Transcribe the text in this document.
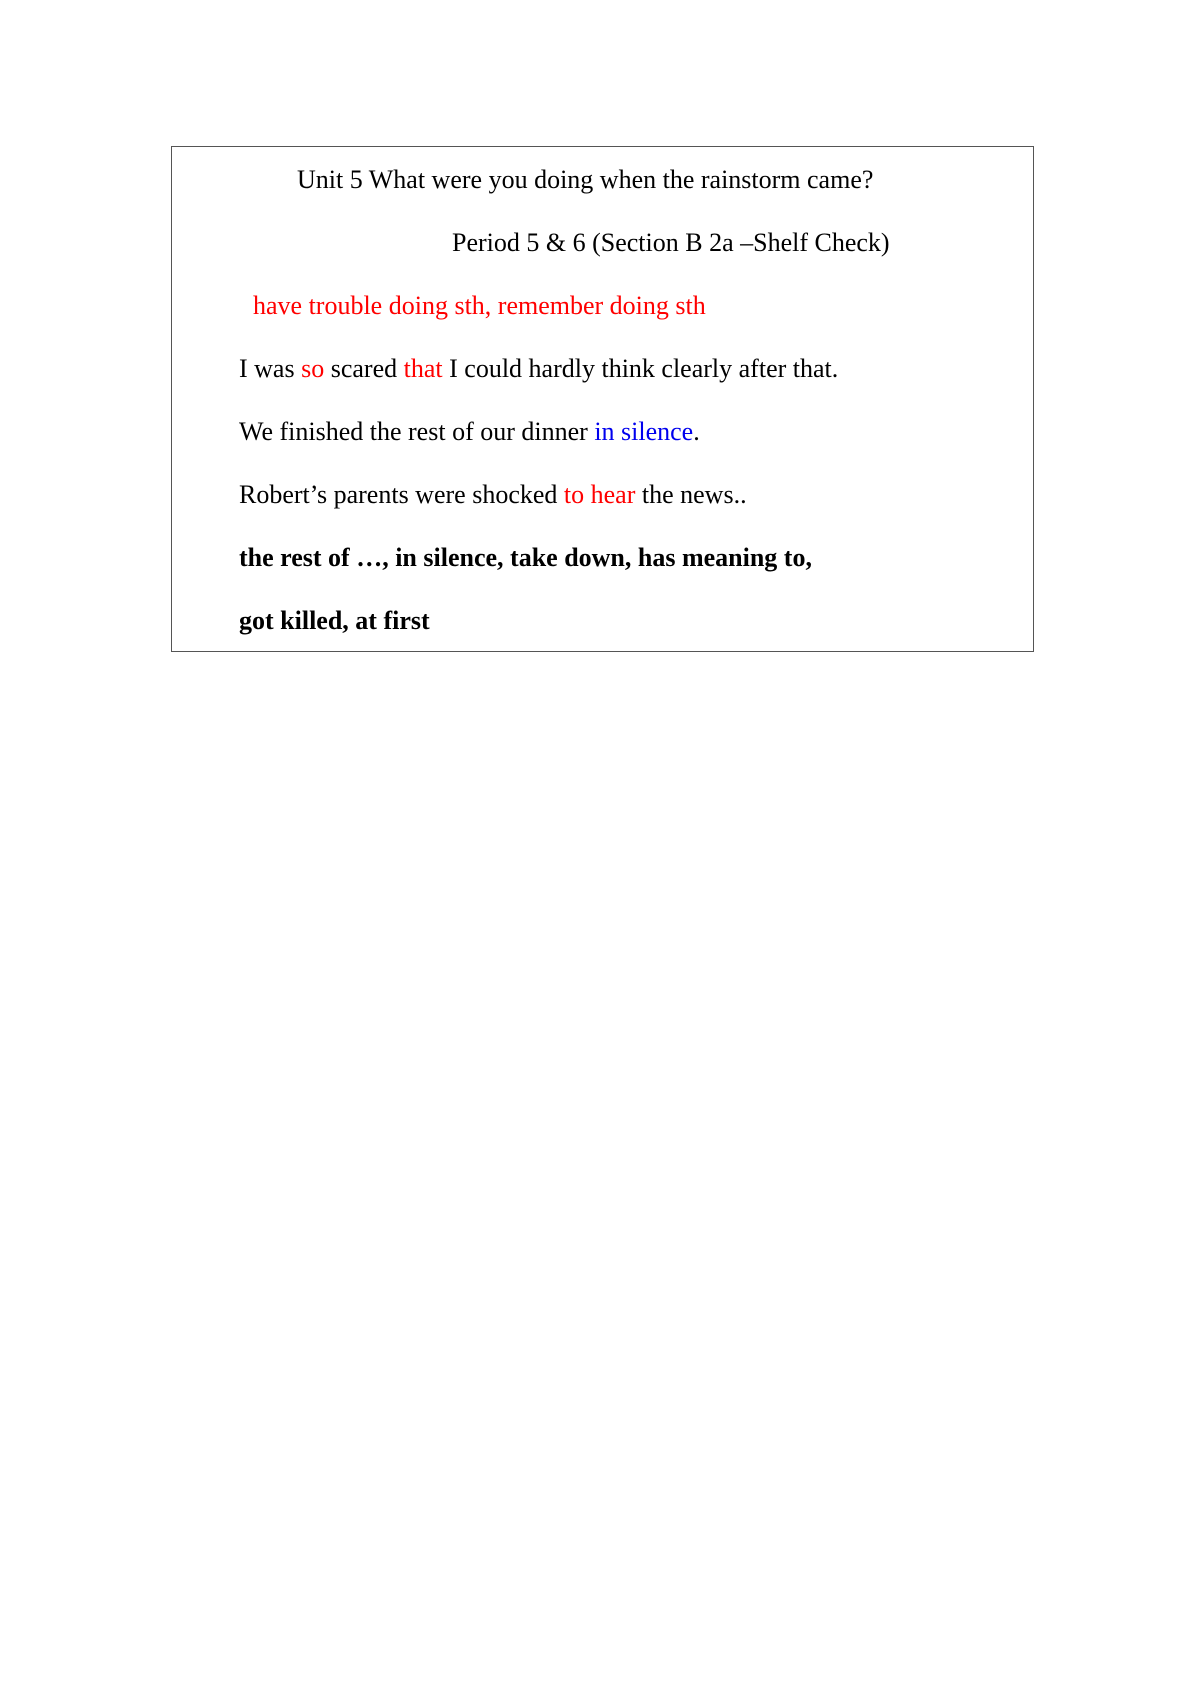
Unit 5 What were you doing when the rainstorm came?
Period 5 & 6 (Section B 2a –Shelf Check)
have trouble doing sth, remember doing sth
I was so scared that I could hardly think clearly after that.
We finished the rest of our dinner in silence.
Robert’s parents were shocked to hear the news..
the rest of …, in silence, take down, has meaning to,
got killed, at first
